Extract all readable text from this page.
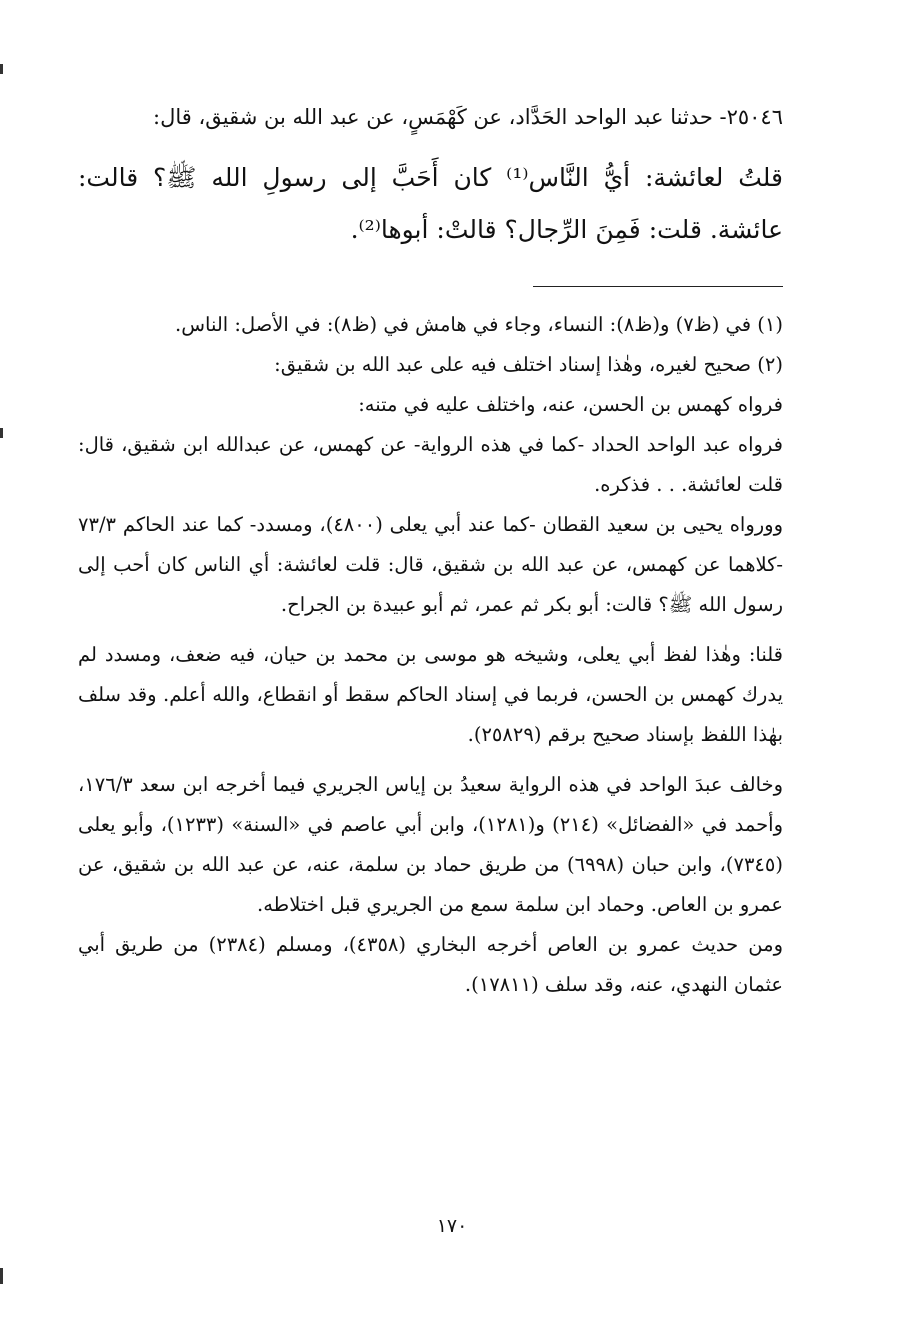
٢٥٠٤٦- حدثنا عبد الواحد الحَدَّاد، عن كَهْمَسٍ، عن عبد الله بن شقيق، قال:

قلتُ لعائشة: أيُّ النَّاس⁽¹⁾ كان أَحَبَّ إلى رسولِ الله ﷺ؟ قالت: عائشة. قلت: فَمِنَ الرِّجال؟ قالتْ: أبوها⁽²⁾.

(١) في (ظ٧) و(ظ٨): النساء، وجاء في هامش في (ظ٨): في الأصل: الناس.

(٢) صحيح لغيره، وهٰذا إسناد اختلف فيه على عبد الله بن شقيق:

فرواه كهمس بن الحسن، عنه، واختلف عليه في متنه:

فرواه عبد الواحد الحداد -كما في هذه الرواية- عن كهمس، عن عبدالله ابن شقيق، قال: قلت لعائشة. . . فذكره.

وورواه يحيى بن سعيد القطان -كما عند أبي يعلى (٤٨٠٠)، ومسدد- كما عند الحاكم ٧٣/٣ -كلاهما عن كهمس، عن عبد الله بن شقيق، قال: قلت لعائشة: أي الناس كان أحب إلى رسول الله ﷺ؟ قالت: أبو بكر ثم عمر، ثم أبو عبيدة بن الجراح.

قلنا: وهٰذا لفظ أبي يعلى، وشيخه هو موسى بن محمد بن حيان، فيه ضعف، ومسدد لم يدرك كهمس بن الحسن، فربما في إسناد الحاكم سقط أو انقطاع، والله أعلم. وقد سلف بهٰذا اللفظ بإسناد صحيح برقم (٢٥٨٢٩).

وخالف عبدَ الواحد في هذه الرواية سعيدُ بن إياس الجريري فيما أخرجه ابن سعد ١٧٦/٣، وأحمد في «الفضائل» (٢١٤) و(١٢٨١)، وابن أبي عاصم في «السنة» (١٢٣٣)، وأبو يعلى (٧٣٤٥)، وابن حبان (٦٩٩٨) من طريق حماد بن سلمة، عنه، عن عبد الله بن شقيق، عن عمرو بن العاص. وحماد ابن سلمة سمع من الجريري قبل اختلاطه.

ومن حديث عمرو بن العاص أخرجه البخاري (٤٣٥٨)، ومسلم (٢٣٨٤) من طريق أبي عثمان النهدي، عنه، وقد سلف (١٧٨١١).

١٧٠
